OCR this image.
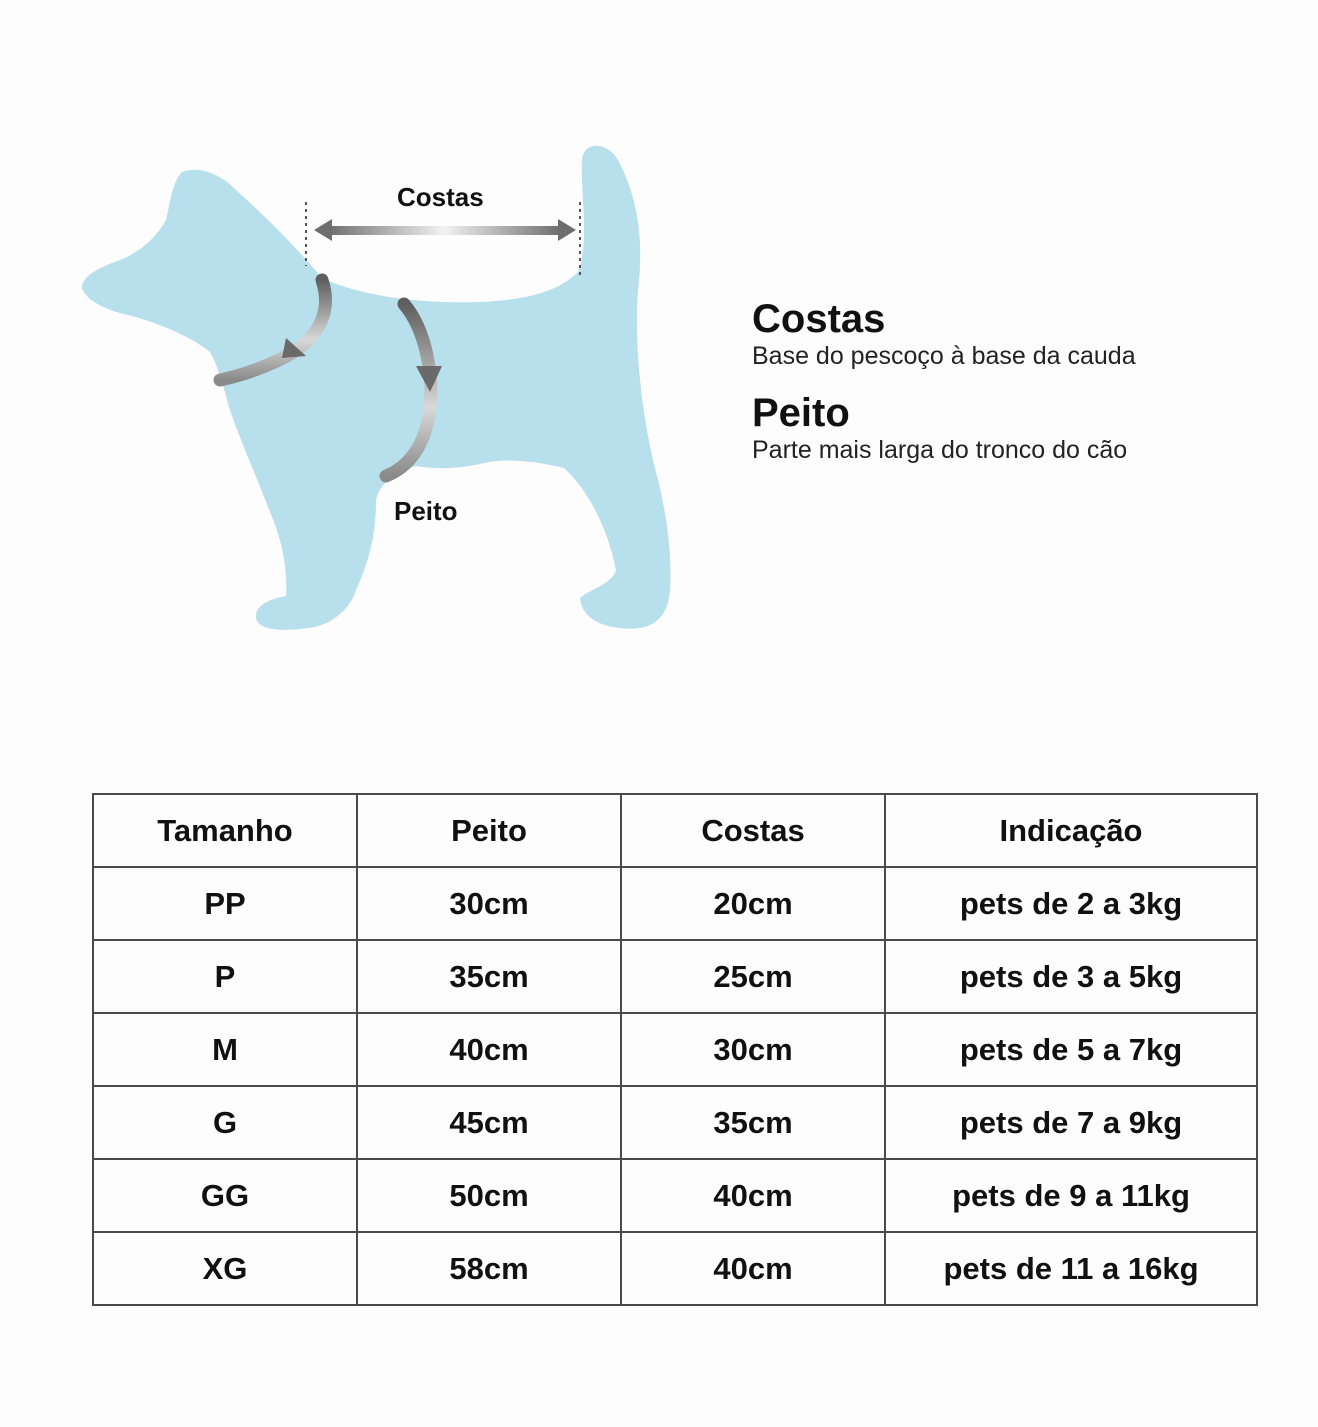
Costas
Peito
Costas
Base do pescoço à base da cauda
Peito
Parte mais larga do tronco do cão
Tamanho	Peito	Costas	Indicação
PP	30cm	20cm	pets de 2 a 3kg
P	35cm	25cm	pets de 3 a 5kg
M	40cm	30cm	pets de 5 a 7kg
G	45cm	35cm	pets de 7 a 9kg
GG	50cm	40cm	pets de 9 a 11kg
XG	58cm	40cm	pets de 11 a 16kg
